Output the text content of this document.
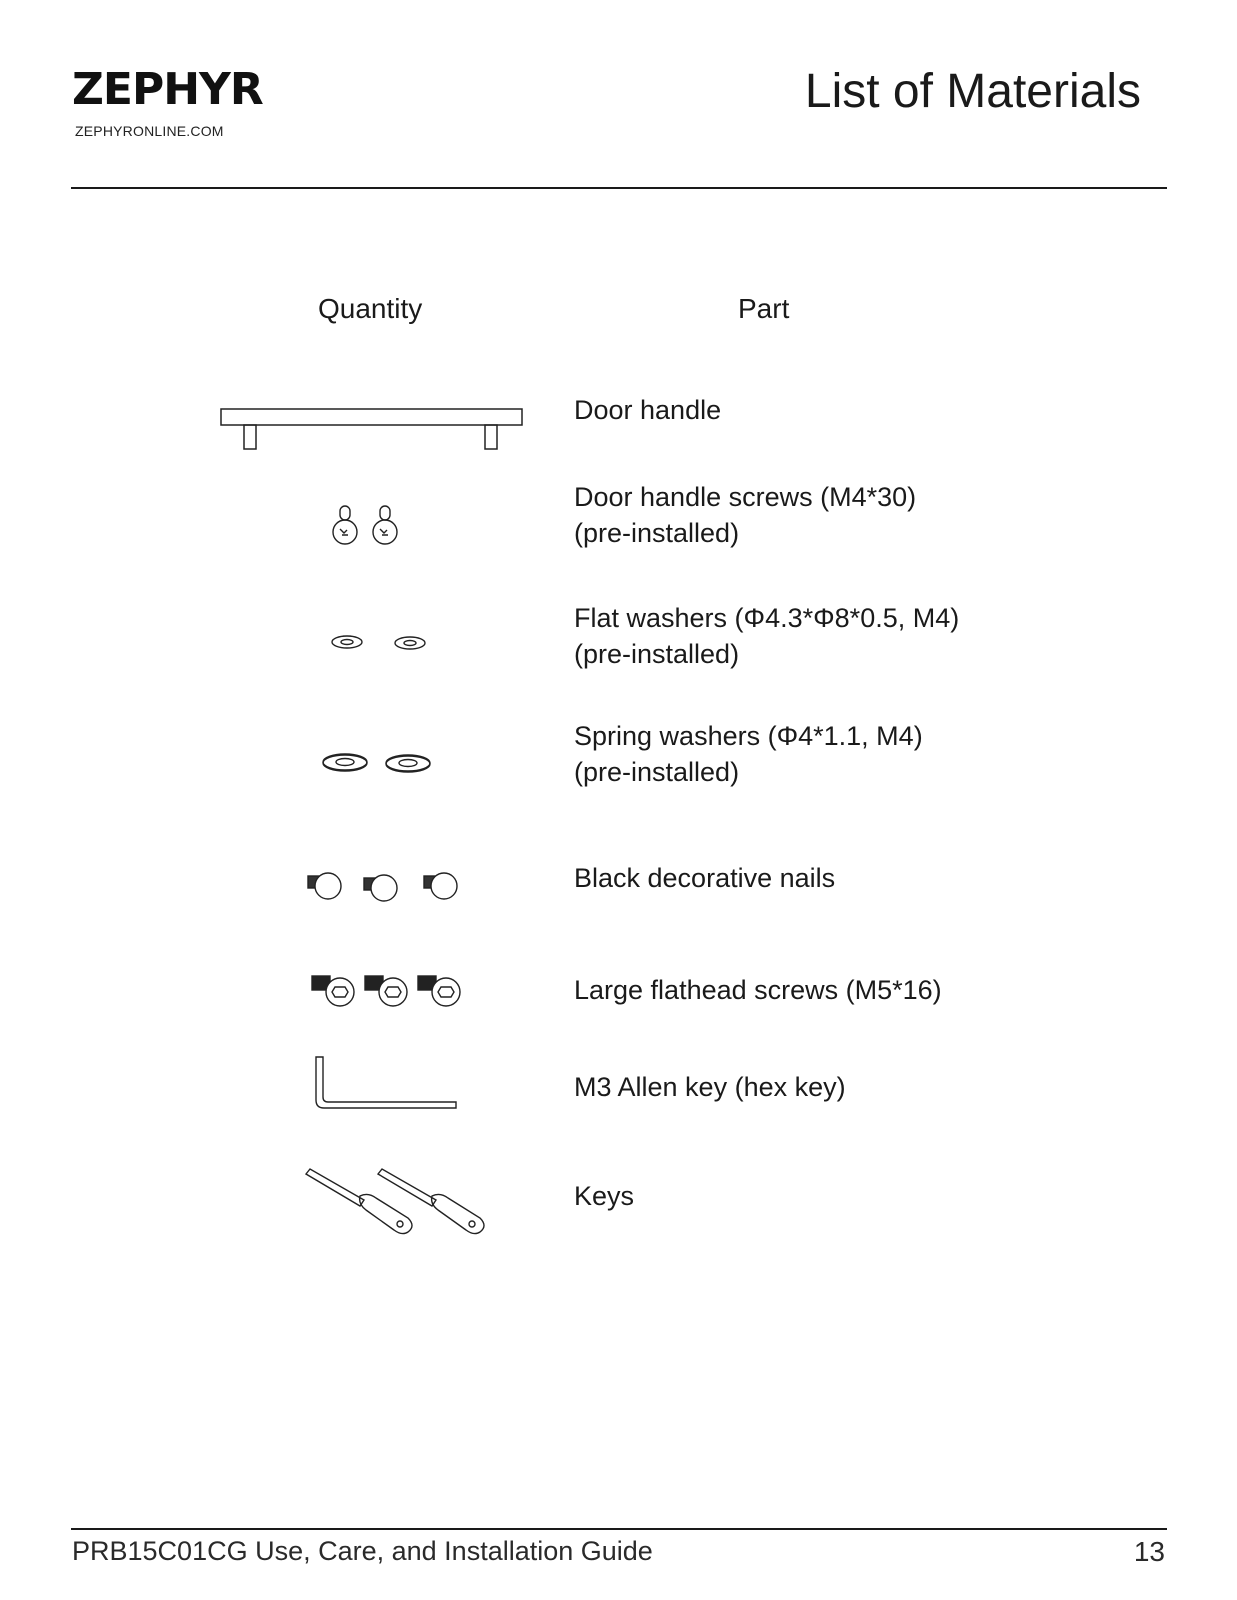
ZEPHYR
ZEPHYRONLINE.COM
List of Materials
Quantity	Part
Door handle
Door handle screws (M4*30)
(pre-installed)
Flat washers (Φ4.3*Φ8*0.5, M4)
(pre-installed)
Spring washers (Φ4*1.1, M4)
(pre-installed)
Black decorative nails
Large flathead screws (M5*16)
M3 Allen key (hex key)
Keys
PRB15C01CG Use, Care, and Installation Guide	13
